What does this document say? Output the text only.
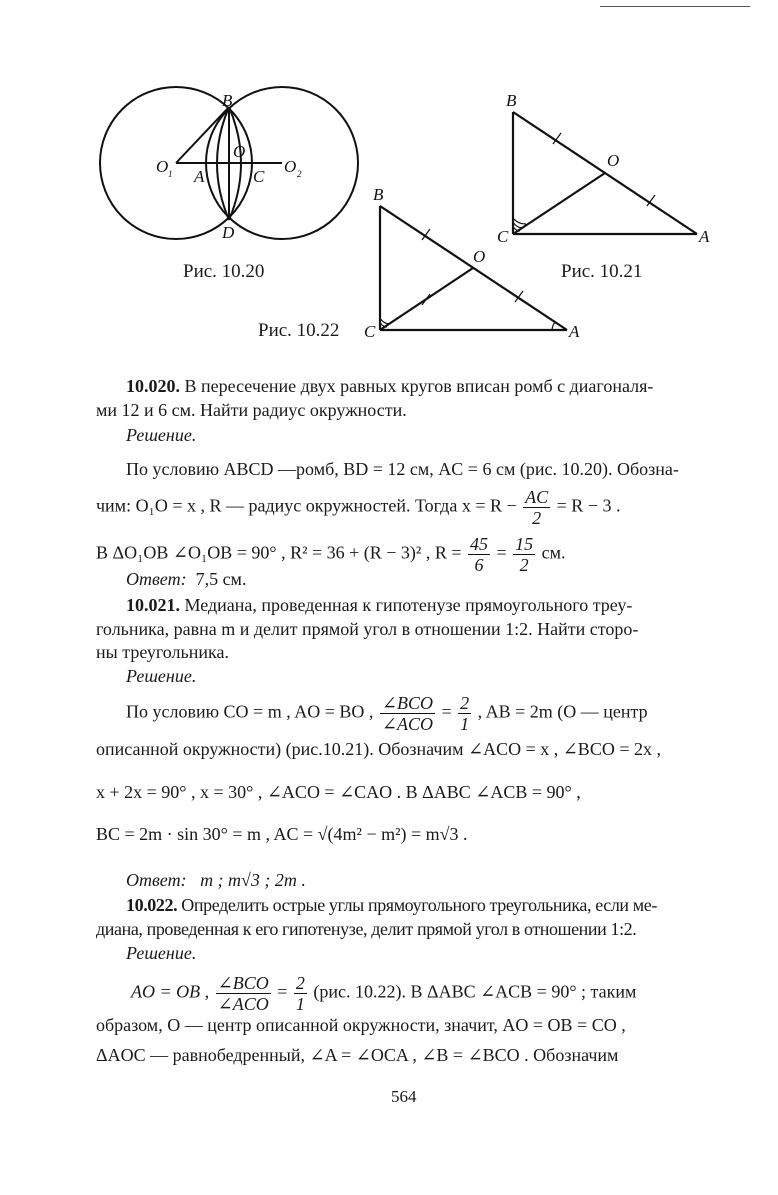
B
O
O 1	O 2
A	C
D
B
O
C	A
B
O
C	A
Рис. 10.20	Рис. 10.21
Рис. 10.22
10.020. В пересечение двух равных кругов вписан ромб с диагоналя-
ми 12 и 6 см. Найти радиус окружности.
Решение.
По условию ABCD —ромб, BD = 12 см, AC = 6 см (рис. 10.20). Обозна-
чим: O₁O = x , R — радиус окружностей. Тогда $x = R - \frac{AC}{2} = R - 3$ .
В ΔO₁OB ∠O₁OB = 90° , R² = 36 + (R − 3)² , $R = \frac{45}{6} = \frac{15}{2}$ см.
Ответ: 7,5 см.
10.021. Медиана, проведенная к гипотенузе прямоугольного треу-
гольника, равна m и делит прямой угол в отношении 1:2. Найти сторо-
ны треугольника.
Решение.
По условию CO = m , AO = BO , $\frac{\text{∠BCO}}{\text{∠ACO}} = \frac{2}{1}$ , AB = 2m (O — центр
описанной окружности) (рис.10.21). Обозначим ∠ACO = x , ∠BCO = 2x ,
x + 2x = 90° , x = 30° , ∠ACO = ∠CAO . В ΔABC ∠ACB = 90° ,
BC = 2m · sin 30° = m , AC = √(4m² − m²) = m√3 .
Ответ: m ; m√3 ; 2m .
10.022. Определить острые углы прямоугольного треугольника, если ме-
диана, проведенная к его гипотенузе, делит прямой угол в отношении 1:2.
Решение.
AO = OB , $\frac{\text{∠BCO}}{\text{∠ACO}} = \frac{2}{1} (рис$. 10.22). В ΔABC ∠ACB = 90° ; таким
образом, O — центр описанной окружности, значит, AO = OB = CO ,
ΔAOC — равнобедренный, ∠A = ∠OCA , ∠B = ∠BCO . Обозначим
564
